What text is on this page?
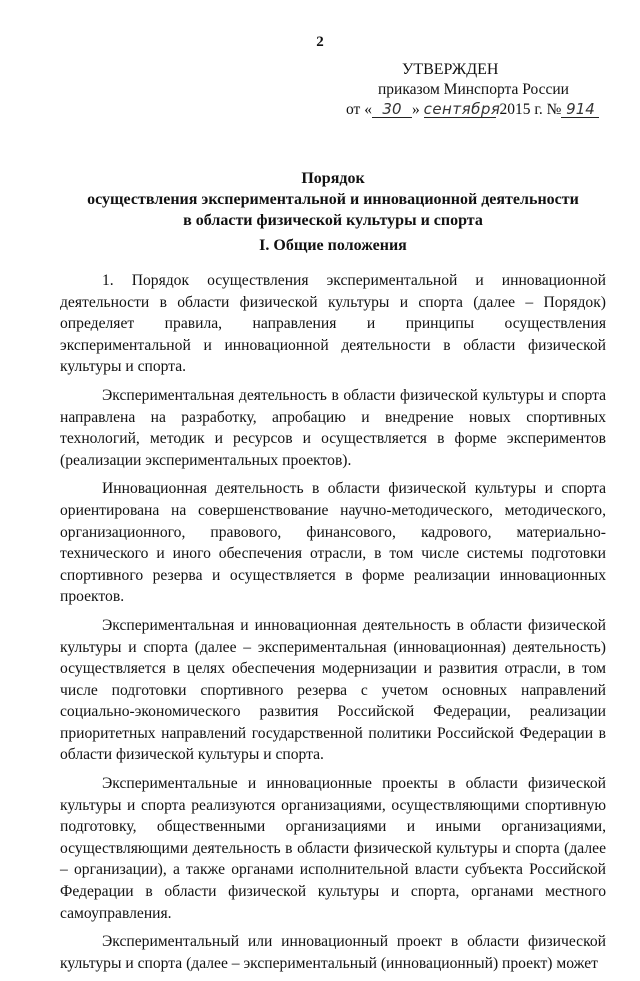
2
УТВЕРЖДЕН
приказом Минспорта России
от « 30 » сентября 2015 г. № 914
Порядок
осуществления экспериментальной и инновационной деятельности
в области физической культуры и спорта
I. Общие положения

1. Порядок осуществления экспериментальной и инновационной деятельности в области физической культуры и спорта (далее – Порядок) определяет правила, направления и принципы осуществления экспериментальной и инновационной деятельности в области физической культуры и спорта.

Экспериментальная деятельность в области физической культуры и спорта направлена на разработку, апробацию и внедрение новых спортивных технологий, методик и ресурсов и осуществляется в форме экспериментов (реализации экспериментальных проектов).

Инновационная деятельность в области физической культуры и спорта ориентирована на совершенствование научно-методического, методического, организационного, правового, финансового, кадрового, материально-технического и иного обеспечения отрасли, в том числе системы подготовки спортивного резерва и осуществляется в форме реализации инновационных проектов.

Экспериментальная и инновационная деятельность в области физической культуры и спорта (далее – экспериментальная (инновационная) деятельность) осуществляется в целях обеспечения модернизации и развития отрасли, в том числе подготовки спортивного резерва с учетом основных направлений социально-экономического развития Российской Федерации, реализации приоритетных направлений государственной политики Российской Федерации в области физической культуры и спорта.

Экспериментальные и инновационные проекты в области физической культуры и спорта реализуются организациями, осуществляющими спортивную подготовку, общественными организациями и иными организациями, осуществляющими деятельность в области физической культуры и спорта (далее – организации), а также органами исполнительной власти субъекта Российской Федерации в области физической культуры и спорта, органами местного самоуправления.

Экспериментальный или инновационный проект в области физической культуры и спорта (далее – экспериментальный (инновационный) проект) может
